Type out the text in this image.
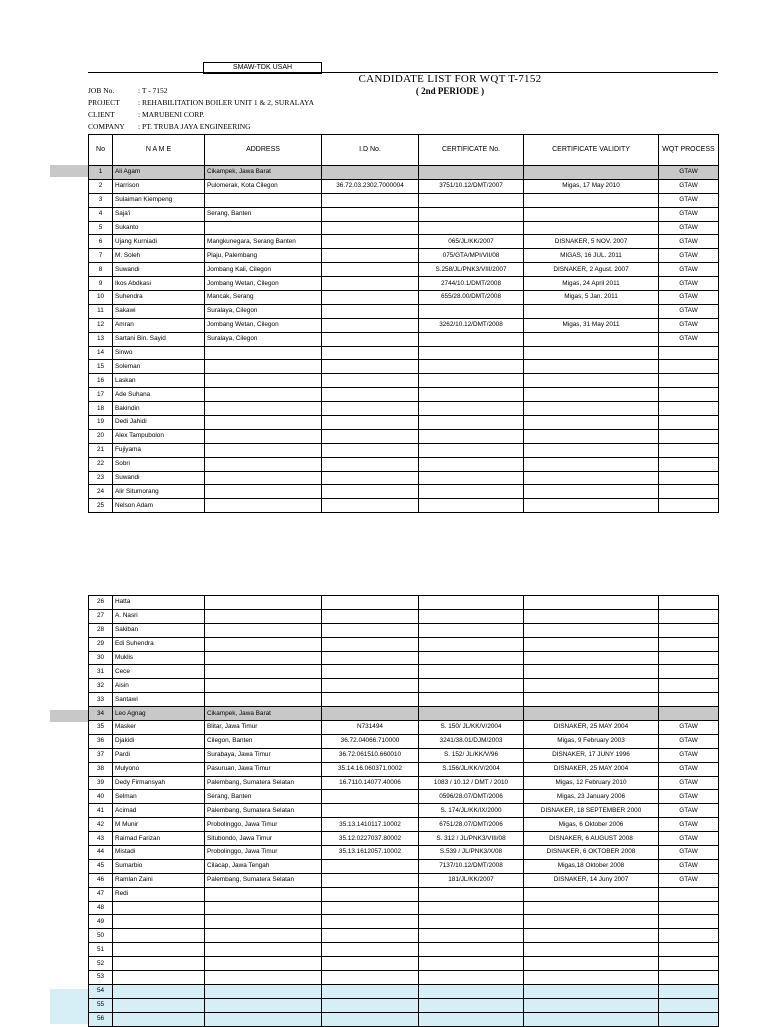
SMAW-TDK USAH
CANDIDATE LIST FOR WQT T-7152
( 2nd PERIODE )
JOB No.	: T - 7152
PROJECT : REHABILITATION BOILER UNIT 1 & 2, SURALAYA
CLIENT	: MARUBENI CORP.
COMPANY : PT. TRUBA JAYA ENGINEERING
No	N A M E	ADDRESS	I.D No.	CERTIFICATE No.	CERTIFICATE VALIDITY	WQT PROCESS
1	Ali Agam	Cikampek, Jawa Barat				GTAW
2	Harrison	Pulomerak, Kota Cilegon	36.72.03.2302.7000004	3751/10.12/DMT/2007	Migas, 17 May 2010	GTAW
3	Sulaiman Kiempeng					GTAW
4	Saja'i	Serang, Banten				GTAW
5	Sukanto					GTAW
6	Ujang Kurniadi	Mangkunegara, Serang Banten		065/JL/KK/2007	DISNAKER, 5 NOV. 2007	GTAW
7	M. Soleh	Plaju, Palembang		075/GTA/MPI/VII/08	MIGAS, 16 JUL. 2011	GTAW
8	Suwandi	Jombang Kali, Cilegon		S.258/JL/PNK3/VIII/2007	DISNAKER, 2 Agust. 2007	GTAW
9	Ikos Abdkasi	Jombang Wetan, Cilegon		2744/10.1/DMT/2008	Migas, 24 April 2011	GTAW
10	Suhendra	Mancak, Serang		655/28.00/DMT/2008	Migas, 5 Jan. 2011	GTAW
11	Sakawi	Suralaya, Cilegon				GTAW
12	Amran	Jombang Wetan, Cilegon		3262/10.12/DMT/2008	Migas, 31 May 2011	GTAW
13	Sartani Bin. Sayid	Suralaya, Cilegon				GTAW
14	Sinwo					
15	Soleman					
16	Laskan					
17	Ade Suhana					
18	Bakindin					
19	Dedi Jahidi					
20	Alex Tampubolon					
21	Fujiyama					
22	Sobri					
23	Suwandi					
24	Alir Situmorang					
25	Nelson Adam					
26	Hatta					
27	A. Nasri					
28	Sakiban					
29	Edi Suhendra					
30	Muklis					
31	Cece					
32	Aisin					
33	Santawi					
34	Leo Agnag	Cikampek, Jawa Barat				
35	Masker	Blitar, Jawa Timur	N731494	S. 150/ JL/KK/V/2004	DISNAKER, 25 MAY 2004	GTAW
36	Djakidi	Cilegon, Banten	36.72.04066.710000	3241/38.01/DJM/2003	Migas, 9 February 2003	GTAW
37	Pardi	Surabaya, Jawa Timur	36.72.061510.660010	S. 152/ JL/KK/V/96	DISNAKER, 17 JUNY 1996	GTAW
38	Mulyono	Pasuruan, Jawa Timur	35.14.16.060371.0002	S.156/JL/KK/V/2004	DISNAKER, 25 MAY 2004	GTAW
39	Dedy Firmansyah	Palembang, Sumatera Selatan	16.7110.14077.40006	1083 / 10.12 / DMT / 2010	Migas, 12 February 2010	GTAW
40	Selman	Serang, Banten		0596/28.07/DMT/2006	Migas, 23 January 2006	GTAW
41	Acimad	Palembang, Sumatera Selatan		S. 174/JL/KK/IX/2000	DISNAKER, 18 SEPTEMBER 2000	GTAW
42	M Munir	Probolinggo, Jawa Timur	35.13.1410117.10002	6751/28.07/DMT/2006	Migas, 6 Oktober 2006	GTAW
43	Raimad Farizan	Situbondo, Jawa Timur	35.12.0227037.80002	S. 312 / JL/PNK3/VIII/08	DISNAKER, 6 AUGUST 2008	GTAW
44	Mistadi	Probolinggo, Jawa Timur	35.13.1612057.10002	S.539 / JL/PNK3/X/08	DISNAKER, 6 OKTOBER 2008	GTAW
45	Sumarbio	Cilacap, Jawa Tengah		7137/10.12/DMT/2008	Migas,18 Oktober 2008	GTAW
46	Ramlan Zaini	Palembang, Sumatera Selatan		181/JL/KK/2007	DISNAKER, 14 Juny 2007	GTAW
47	Redi					
48						
49						
50						
51						
52						
53						
54						
55						
56						
